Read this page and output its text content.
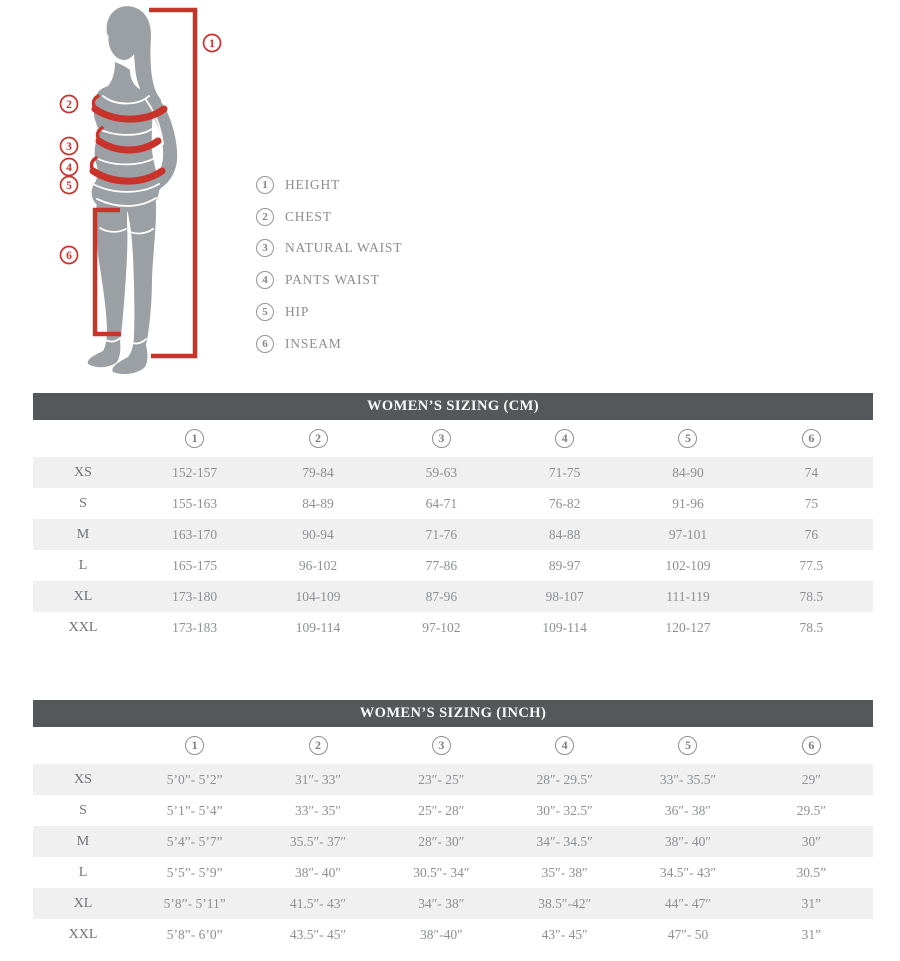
1
2
3
4
5
6
1	HEIGHT
2	CHEST
3	NATURAL WAIST
4	PANTS WAIST
5	HIP
6	INSEAM
WOMEN’S SIZING (CM)
	1	2	3	4	5	6
XS	152-157	79-84	59-63	71-75	84-90	74
S	155-163	84-89	64-71	76-82	91-96	75
M	163-170	90-94	71-76	84-88	97-101	76
L	165-175	96-102	77-86	89-97	102-109	77.5
XL	173-180	104-109	87-96	98-107	111-119	78.5
XXL	173-183	109-114	97-102	109-114	120-127	78.5
WOMEN’S SIZING (INCH)
	1	2	3	4	5	6
XS	5’0”- 5’2”	31″- 33″	23″- 25″	28″- 29.5″	33″- 35.5″	29″
S	5’1”- 5’4”	33″- 35″	25″- 28″	30″- 32.5″	36″- 38″	29.5″
M	5’4”- 5’7”	35.5″- 37″	28″- 30″	34″- 34.5″	38″- 40″	30″
L	5’5”- 5’9”	38″- 40″	30.5″- 34″	35″- 38″	34.5″- 43″	30.5”
XL	5’8”- 5’11”	41.5″- 43″	34″- 38″	38.5″-42″	44″- 47″	31”
XXL	5’8”- 6’0”	43.5″- 45″	38″-40″	43″- 45″	47″- 50	31”
